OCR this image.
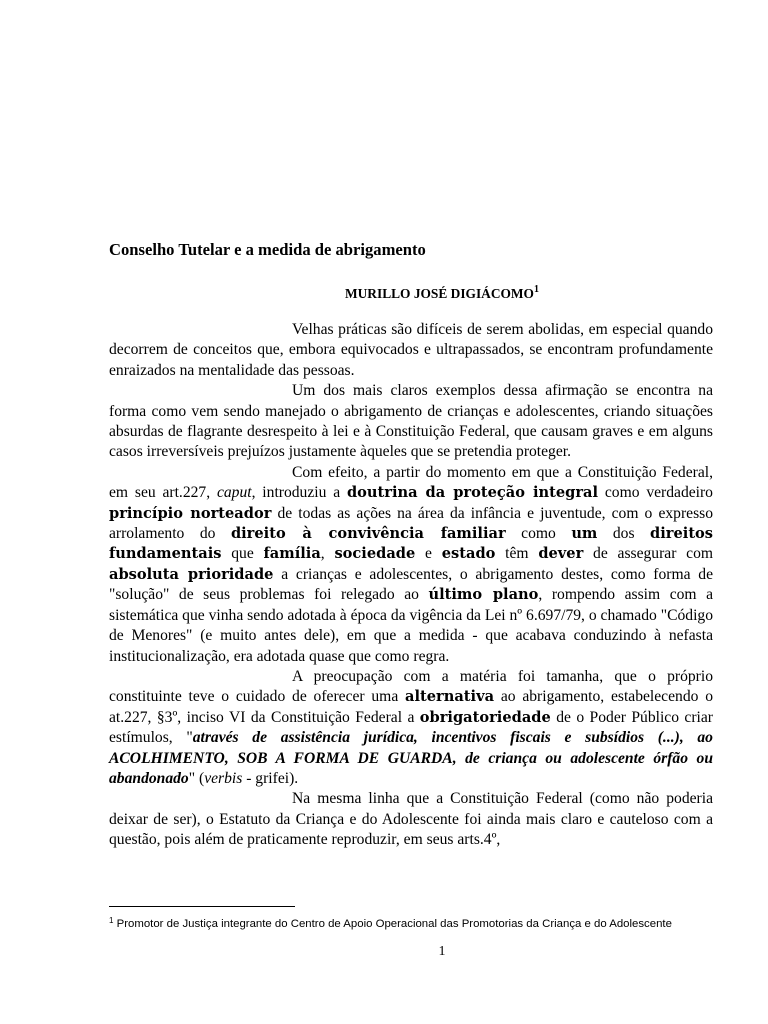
Conselho Tutelar e a medida de abrigamento
MURILLO JOSÉ DIGIÁCOMO$^1$

Velhas práticas são difíceis de serem abolidas, em especial quando decorrem de conceitos que, embora equivocados e ultrapassados, se encontram profundamente enraizados na mentalidade das pessoas.

Um dos mais claros exemplos dessa afirmação se encontra na forma como vem sendo manejado o abrigamento de crianças e adolescentes, criando situações absurdas de flagrante desrespeito à lei e à Constituição Federal, que causam graves e em alguns casos irreversíveis prejuízos justamente àqueles que se pretendia proteger.

Com efeito, a partir do momento em que a Constituição Federal, em seu art.227, caput, introduziu a doutrina da proteção integral como verdadeiro princípio norteador de todas as ações na área da infância e juventude, com o expresso arrolamento do direito à convivência familiar como um dos direitos fundamentais que família, sociedade e estado têm dever de assegurar com absoluta prioridade a crianças e adolescentes, o abrigamento destes, como forma de "solução" de seus problemas foi relegado ao último plano, rompendo assim com a sistemática que vinha sendo adotada à época da vigência da Lei nº 6.697/79, o chamado "Código de Menores" (e muito antes dele), em que a medida - que acabava conduzindo à nefasta institucionalização, era adotada quase que como regra.

A preocupação com a matéria foi tamanha, que o próprio constituinte teve o cuidado de oferecer uma alternativa ao abrigamento, estabelecendo o at.227, §3º, inciso VI da Constituição Federal a obrigatoriedade de o Poder Público criar estímulos, "através de assistência jurídica, incentivos fiscais e subsídios (...), ao ACOLHIMENTO, SOB A FORMA DE GUARDA, de criança ou adolescente órfão ou abandonado" (verbis - grifei).

Na mesma linha que a Constituição Federal (como não poderia deixar de ser), o Estatuto da Criança e do Adolescente foi ainda mais claro e cauteloso com a questão, pois além de praticamente reproduzir, em seus arts.4º,

$^1$ Promotor de Justiça integrante do Centro de Apoio Operacional das Promotorias da Criança e do Adolescente
1
